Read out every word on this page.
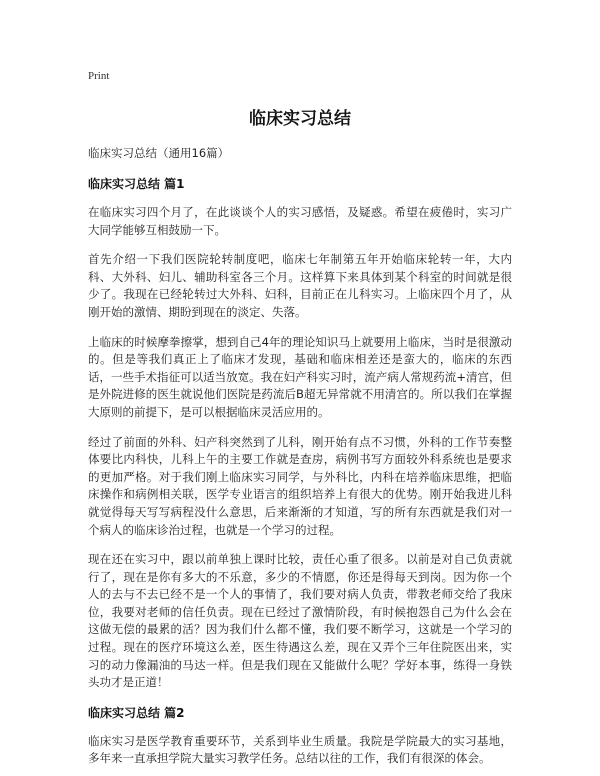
Print

临床实习总结

临床实习总结（通用16篇）

临床实习总结 篇1

在临床实习四个月了，在此谈谈个人的实习感悟，及疑惑。希望在疲倦时，实习广大同学能够互相鼓励一下。

首先介绍一下我们医院轮转制度吧，临床七年制第五年开始临床轮转一年，大内科、大外科、妇儿、辅助科室各三个月。这样算下来具体到某个科室的时间就是很少了。我现在已经轮转过大外科、妇科，目前正在儿科实习。上临床四个月了，从刚开始的激情、期盼到现在的淡定、失落。

上临床的时候摩拳擦掌，想到自己4年的理论知识马上就要用上临床，当时是很激动的。但是等我们真正上了临床才发现，基础和临床相差还是蛮大的，临床的东西话，一些手术指征可以适当放宽。我在妇产科实习时，流产病人常规药流+清宫，但是外院进修的医生就说他们医院是药流后B超无异常就不用清宫的。所以我们在掌握大原则的前提下，是可以根据临床灵活应用的。

经过了前面的外科、妇产科突然到了儿科，刚开始有点不习惯，外科的工作节奏整体要比内科快，儿科上午的主要工作就是查房，病例书写方面较外科系统也是要求的更加严格。对于我们刚上临床实习同学，与外科比，内科在培养临床思维，把临床操作和病例相关联，医学专业语言的组织培养上有很大的优势。刚开始我进儿科就觉得每天写写病程没什么意思，后来渐渐的才知道，写的所有东西就是我们对一个病人的临床诊治过程，也就是一个学习的过程。

现在还在实习中，跟以前单独上课时比较，责任心重了很多。以前是对自己负责就行了，现在是你有多大的不乐意，多少的不情愿，你还是得每天到岗。因为你一个人的去与不去已经不是一个人的事情了，我们要对病人负责，带教老师交给了我床位，我要对老师的信任负责。现在已经过了激情阶段，有时候抱怨自己为什么会在这做无偿的最累的活？因为我们什么都不懂，我们要不断学习，这就是一个学习的过程。现在的医疗环境这么差，医生待遇这么差，现在又弄个三年住院医出来，实习的动力像漏油的马达一样。但是我们现在又能做什么呢？学好本事，练得一身铁头功才是正道！

临床实习总结 篇2

临床实习是医学教育重要环节，关系到毕业生质量。我院是学院最大的实习基地，多年来一直承担学院大量实习教学任务。总结以往的工作，我们有很深的体会。
